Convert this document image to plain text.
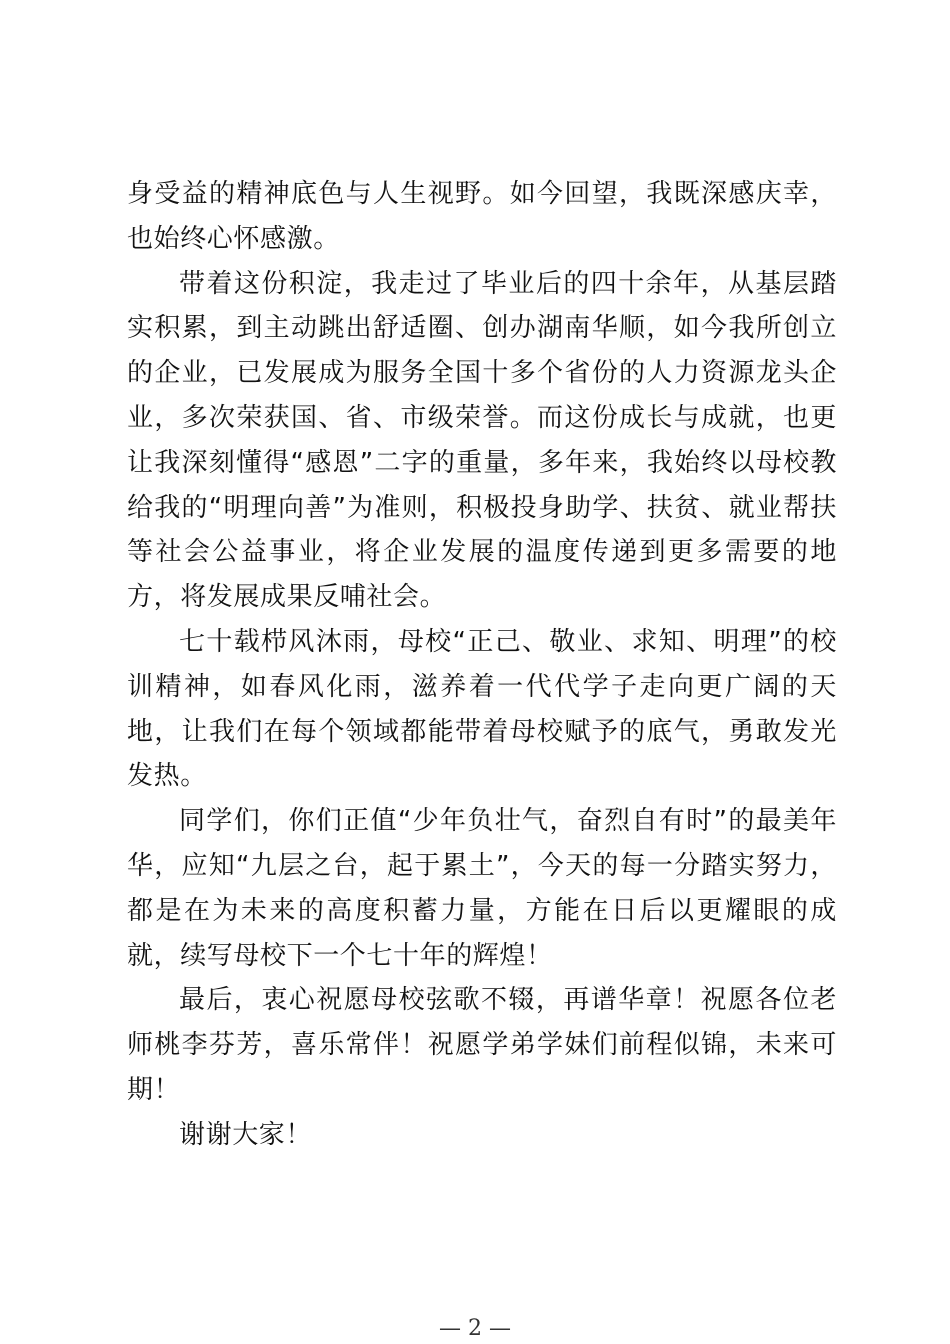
身受益的精神底色与人生视野。如今回望，我既深感庆幸，也始终心怀感激。

带着这份积淀，我走过了毕业后的四十余年，从基层踏实积累，到主动跳出舒适圈、创办湖南华顺，如今我所创立的企业，已发展成为服务全国十多个省份的人力资源龙头企业，多次荣获国、省、市级荣誉。而这份成长与成就，也更让我深刻懂得“感恩”二字的重量，多年来，我始终以母校教给我的“明理向善”为准则，积极投身助学、扶贫、就业帮扶等社会公益事业，将企业发展的温度传递到更多需要的地方，将发展成果反哺社会。

七十载栉风沐雨，母校“正己、敬业、求知、明理”的校训精神，如春风化雨，滋养着一代代学子走向更广阔的天地，让我们在每个领域都能带着母校赋予的底气，勇敢发光发热。

同学们，你们正值“少年负壮气，奋烈自有时”的最美年华，应知“九层之台，起于累土”，今天的每一分踏实努力，都是在为未来的高度积蓄力量，方能在日后以更耀眼的成就，续写母校下一个七十年的辉煌！

最后，衷心祝愿母校弦歌不辍，再谱华章！祝愿各位老师桃李芬芳，喜乐常伴！祝愿学弟学妹们前程似锦，未来可期！

谢谢大家！

— 2 —
